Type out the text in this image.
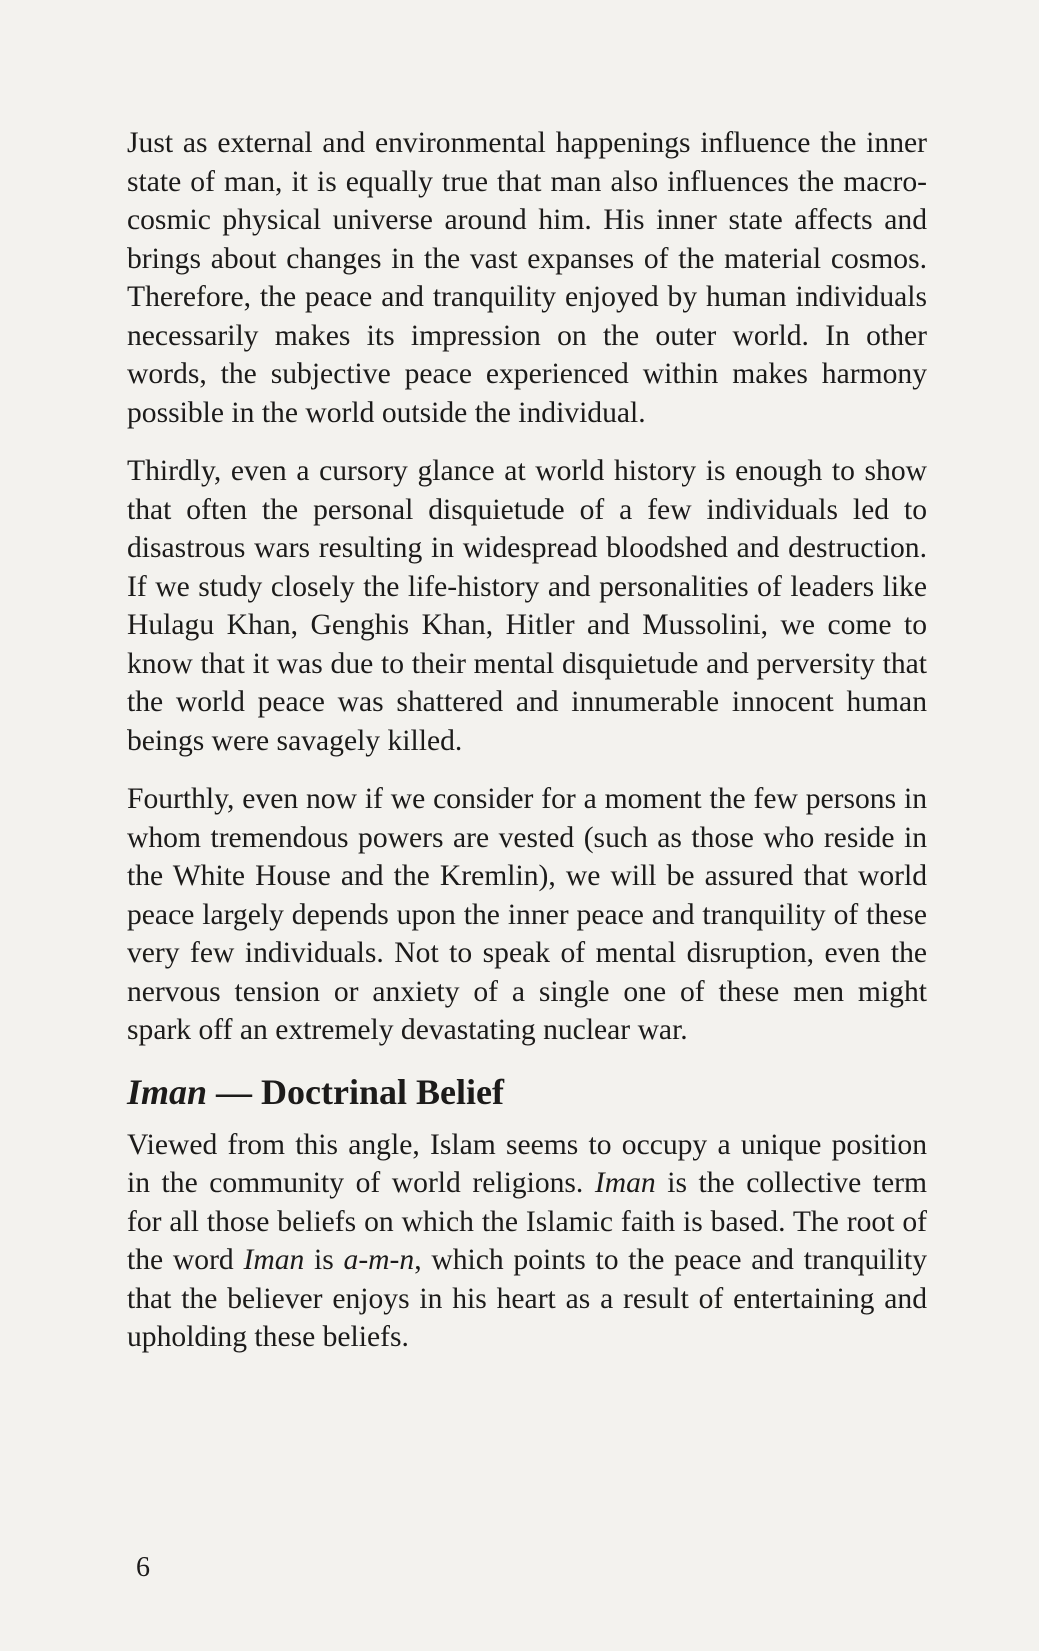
Just as external and environmental happenings influence the inner state of man, it is equally true that man also influences the macro-cosmic physical universe around him. His inner state affects and brings about changes in the vast expanses of the material cosmos. Therefore, the peace and tranquility enjoyed by human individuals necessarily makes its impression on the outer world. In other words, the subjective peace experienced within makes harmony possible in the world outside the individual.

Thirdly, even a cursory glance at world history is enough to show that often the personal disquietude of a few individuals led to disastrous wars resulting in widespread bloodshed and destruction. If we study closely the life-history and personalities of leaders like Hulagu Khan, Genghis Khan, Hitler and Mussolini, we come to know that it was due to their mental disquietude and perversity that the world peace was shattered and innumerable innocent human beings were savagely killed.

Fourthly, even now if we consider for a moment the few persons in whom tremendous powers are vested (such as those who reside in the White House and the Kremlin), we will be assured that world peace largely depends upon the inner peace and tranquility of these very few individuals. Not to speak of mental disruption, even the nervous tension or anxiety of a single one of these men might spark off an extremely devastating nuclear war.

Iman — Doctrinal Belief

Viewed from this angle, Islam seems to occupy a unique position in the community of world religions. Iman is the collective term for all those beliefs on which the Islamic faith is based. The root of the word Iman is a-m-n, which points to the peace and tranquility that the believer enjoys in his heart as a result of entertaining and upholding these beliefs.

6
